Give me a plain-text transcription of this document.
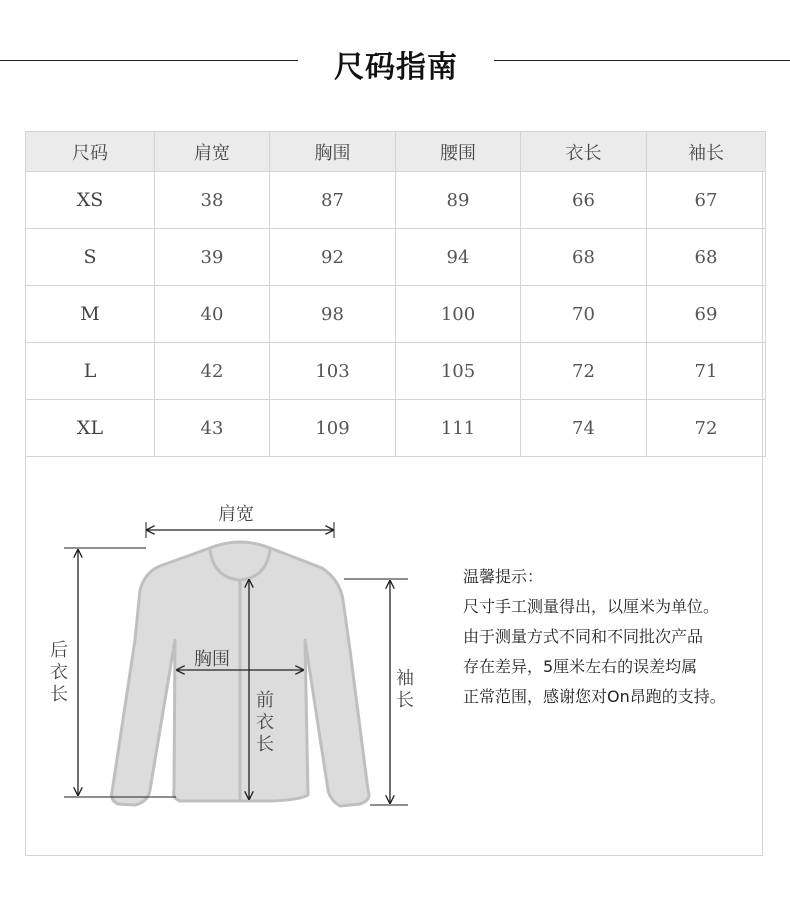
尺码指南
尺码	肩宽	胸围	腰围	衣长	袖长
XS	38	87	89	66	67
S	39	92	94	68	68
M	40	98	100	70	69
L	42	103	105	72	71
XL	43	109	111	74	72
肩宽
胸围
后衣长	前衣长
袖长
温馨提示：
尺寸手工测量得出，以厘米为单位。
由于测量方式不同和不同批次产品
存在差异，5厘米左右的误差均属
正常范围，感谢您对On昂跑的支持。
